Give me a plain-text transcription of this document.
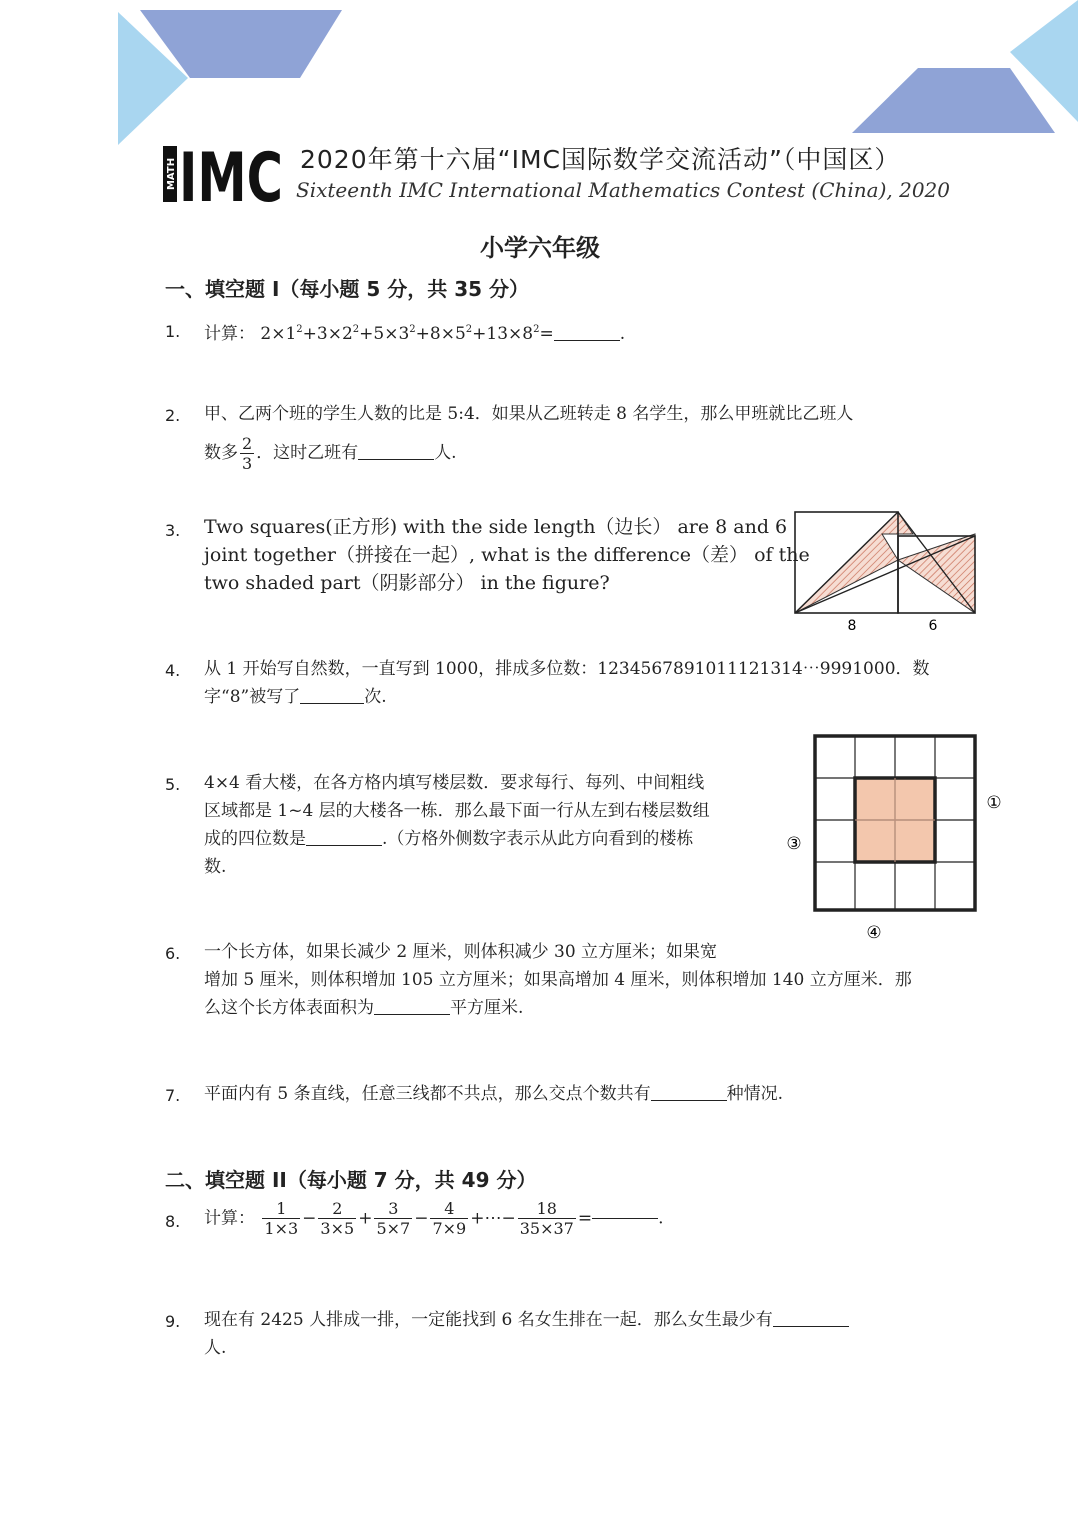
MATH IMC 2020年第十六届“IMC国际数学交流活动”（中国区）
Sixteenth IMC International Mathematics Contest (China), 2020
小学六年级
一、填空题 I（每小题 5 分，共 35 分）
1. 计算： $2\times 1^2+3\times 2^2+5\times 3^2+8\times 5^2+13\times 8^2=$	.
2. 甲、乙两个班的学生人数的比是 5:4．如果从乙班转走 8 名学生，那么甲班就比乙班人
数多 $\frac{2}{3}$ ．这时乙班有	人.
3. Two squares(正方形) with the side length（边长） are 8 and 6
joint together（拼接在一起）, what is the difference（差） of the
two shaded part（阴影部分） in the figure?
8	6
4. 从 1 开始写自然数，一直写到 1000，排成多位数：1234567891011121314⋯9991000．数
字“8”被写了	次.
5. 4×4 看大楼，在各方格内填写楼层数．要求每行、每列、中间粗线
区域都是 1~4 层的大楼各一栋．那么最下面一行从左到右楼层数组
成的四位数是	.（方格外侧数字表示从此方向看到的楼栋
数.
①
③
④
6. 一个长方体，如果长减少 2 厘米，则体积减少 30 立方厘米；如果宽
增加 5 厘米，则体积增加 105 立方厘米；如果高增加 4 厘米，则体积增加 140 立方厘米．那
么这个长方体表面积为	平方厘米.
7. 平面内有 5 条直线，任意三线都不共点，那么交点个数共有	种情况.
二、填空题 II（每小题 7 分，共 49 分）
8. 计算： $\frac{1}{1\times 3} - \frac{2}{3\times 5} + \frac{3}{5\times 7} - \frac{4}{7\times 9}$ +⋯− $\frac{18}{35\times 37}$ =	.
9. 现在有 2425 人排成一排，一定能找到 6 名女生排在一起．那么女生最少有
人.
